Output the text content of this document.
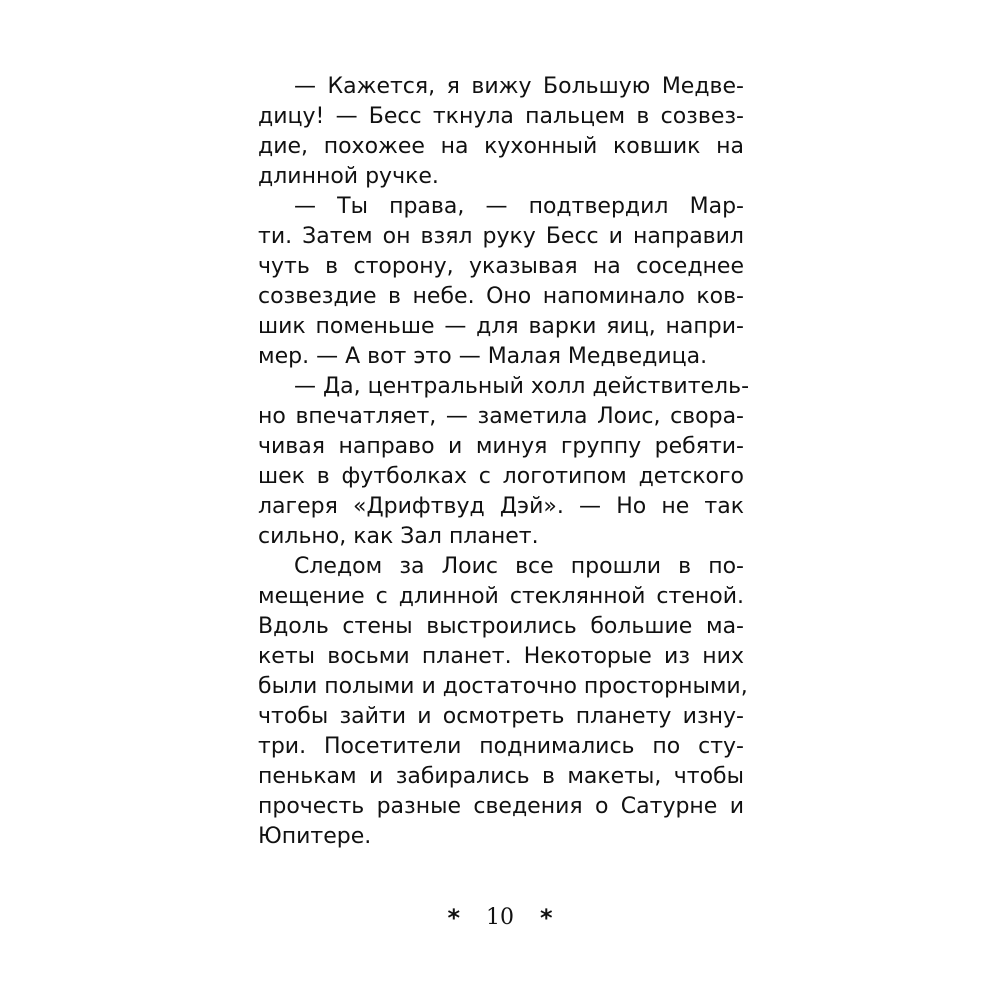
— Кажется, я вижу Большую Медве-
дицу! — Бесс ткнула пальцем в созвез-
дие, похожее на кухонный ковшик на
длинной ручке.
— Ты права, — подтвердил Мар-
ти. Затем он взял руку Бесс и направил
чуть в сторону, указывая на соседнее
созвездие в небе. Оно напоминало ков-
шик поменьше — для варки яиц, напри-
мер. — А вот это — Малая Медведица.
— Да, центральный холл действитель-
но впечатляет, — заметила Лоис, свора-
чивая направо и минуя группу ребяти-
шек в футболках с логотипом детского
лагеря «Дрифтвуд Дэй». — Но не так
сильно, как Зал планет.
Следом за Лоис все прошли в по-
мещение с длинной стеклянной стеной.
Вдоль стены выстроились большие ма-
кеты восьми планет. Некоторые из них
были полыми и достаточно просторными,
чтобы зайти и осмотреть планету изну-
три. Посетители поднимались по сту-
пенькам и забирались в макеты, чтобы
прочесть разные сведения о Сатурне и
Юпитере.
* 10 *
